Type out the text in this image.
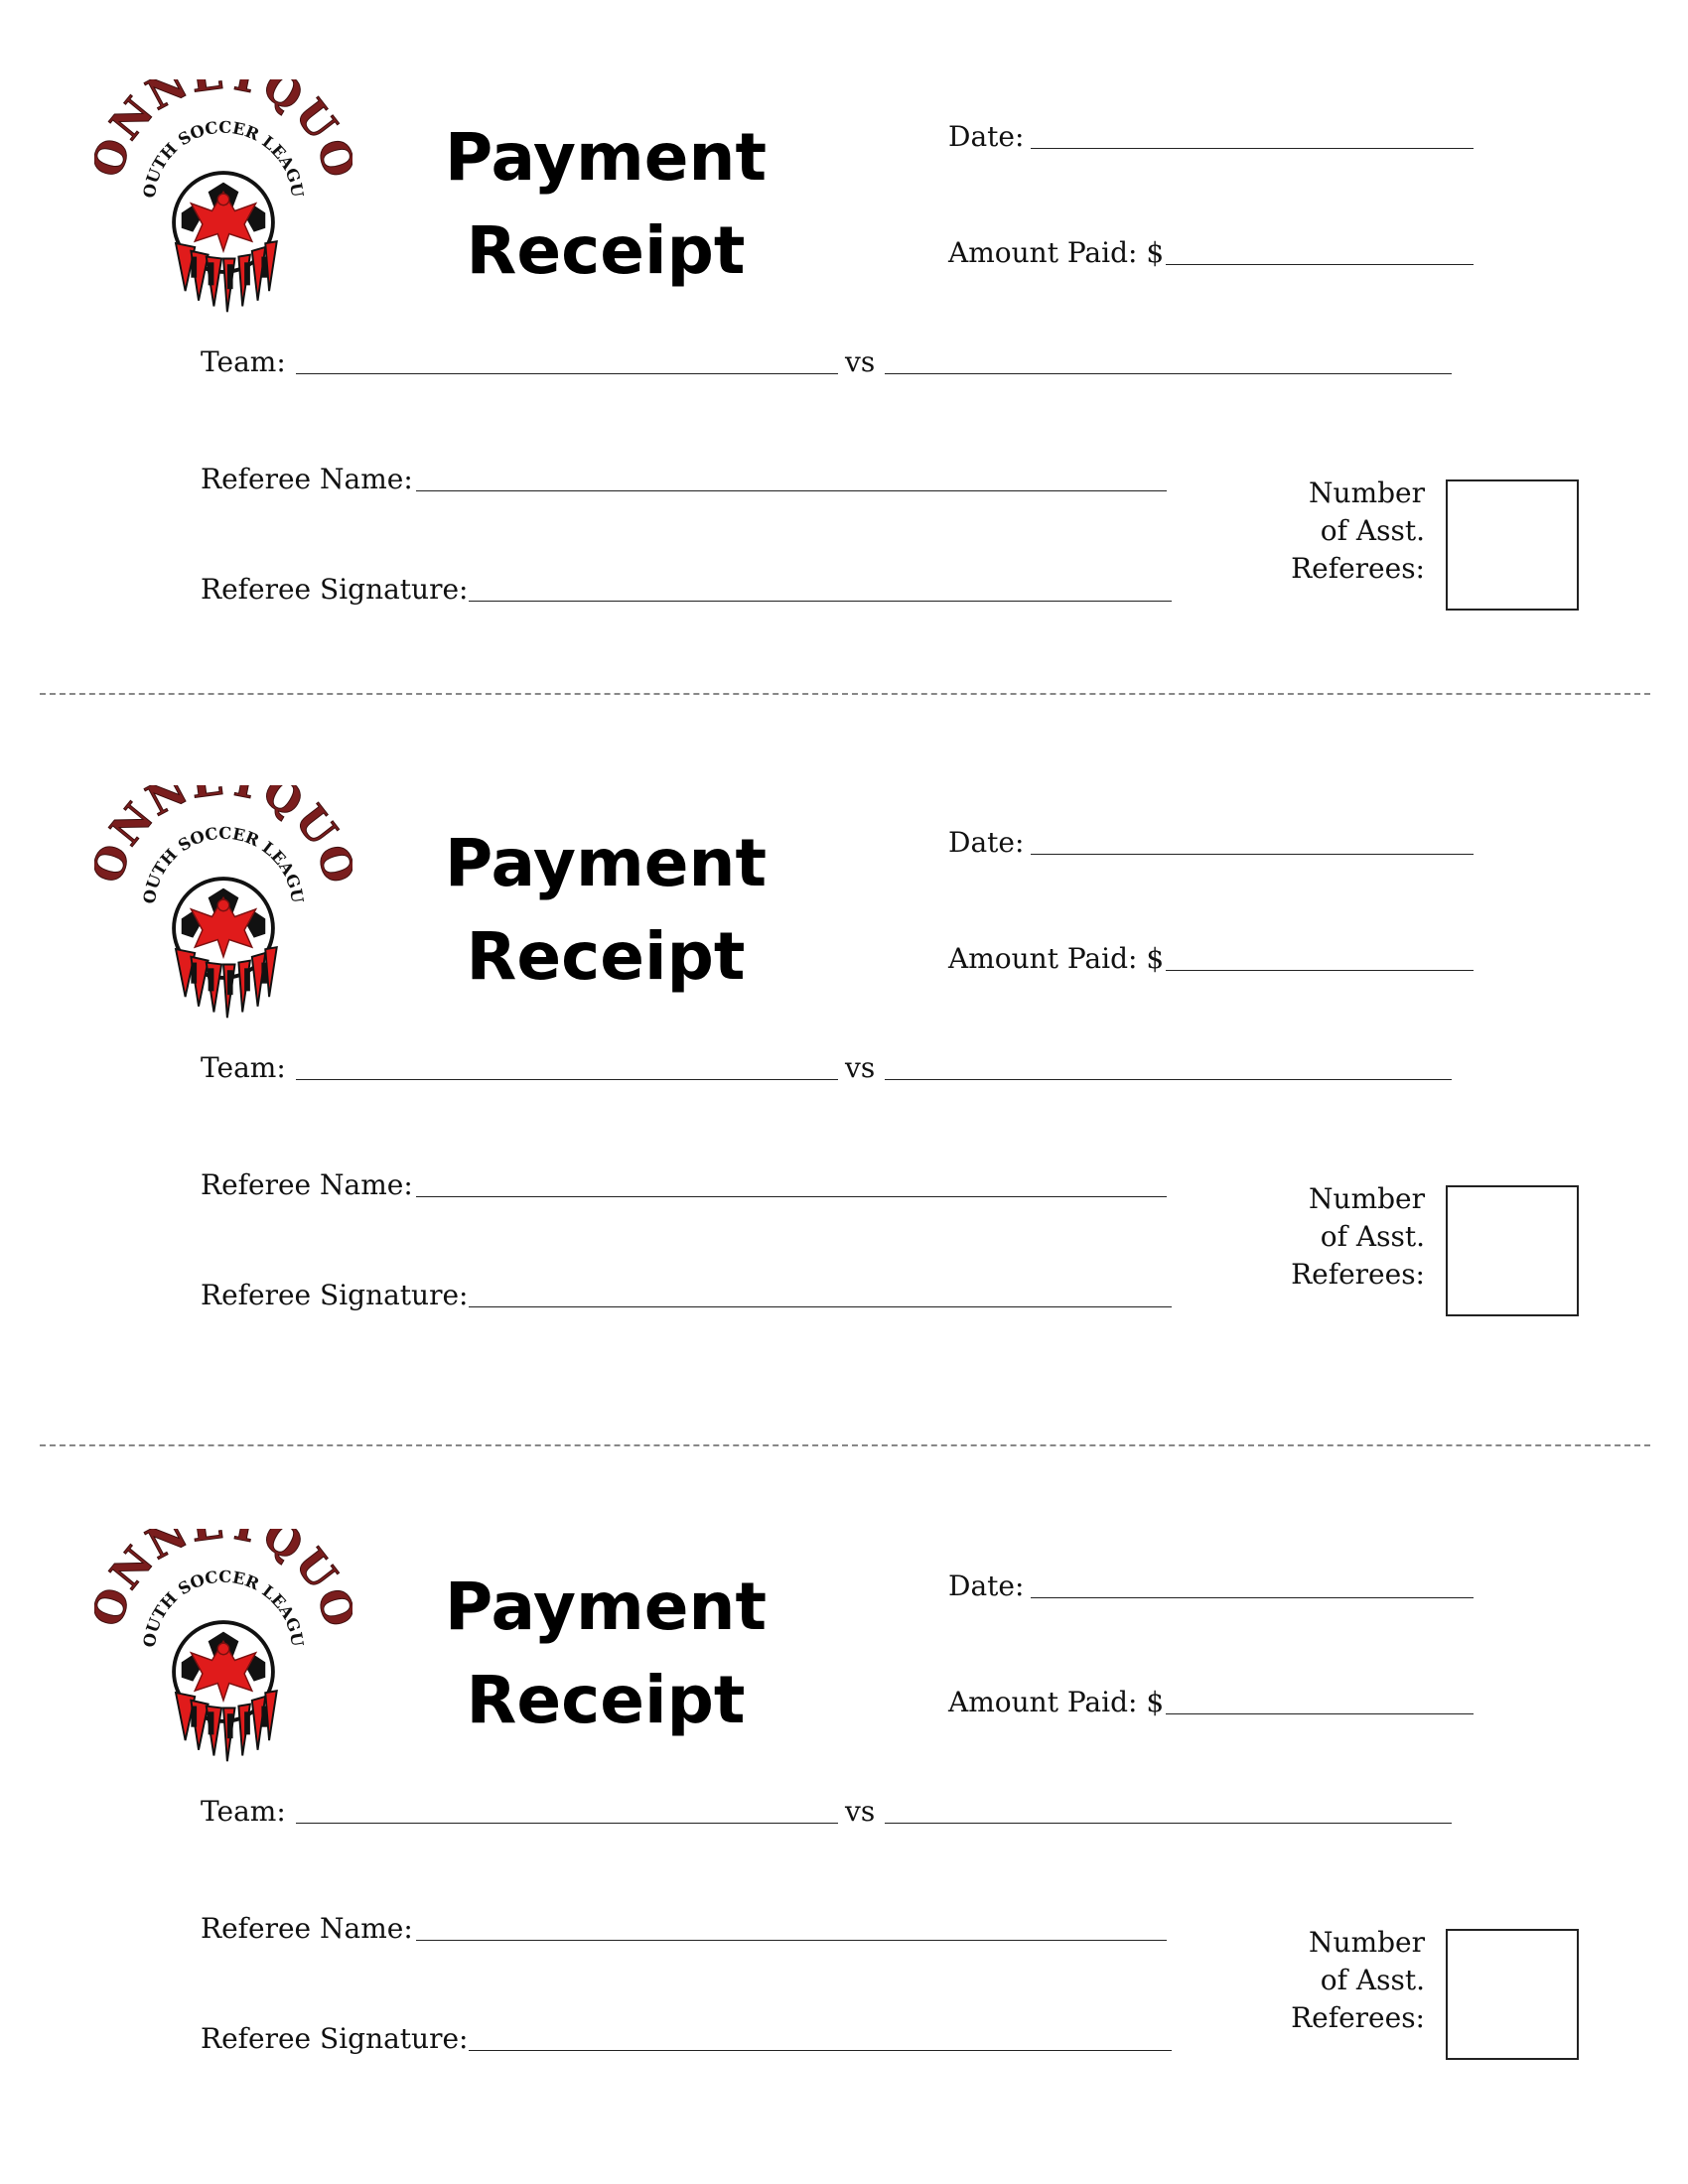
Payment
Receipt
Date:
Amount Paid: $
Team:	vs
Referee Name:
Referee Signature:
Number
of Asst.
Referees:
Payment
Receipt
Date:
Amount Paid: $
Team:	vs
Referee Name:
Referee Signature:
Number
of Asst.
Referees:
Payment
Receipt
Date:
Amount Paid: $
Team:	vs
Referee Name:
Referee Signature:
Number
of Asst.
Referees:
